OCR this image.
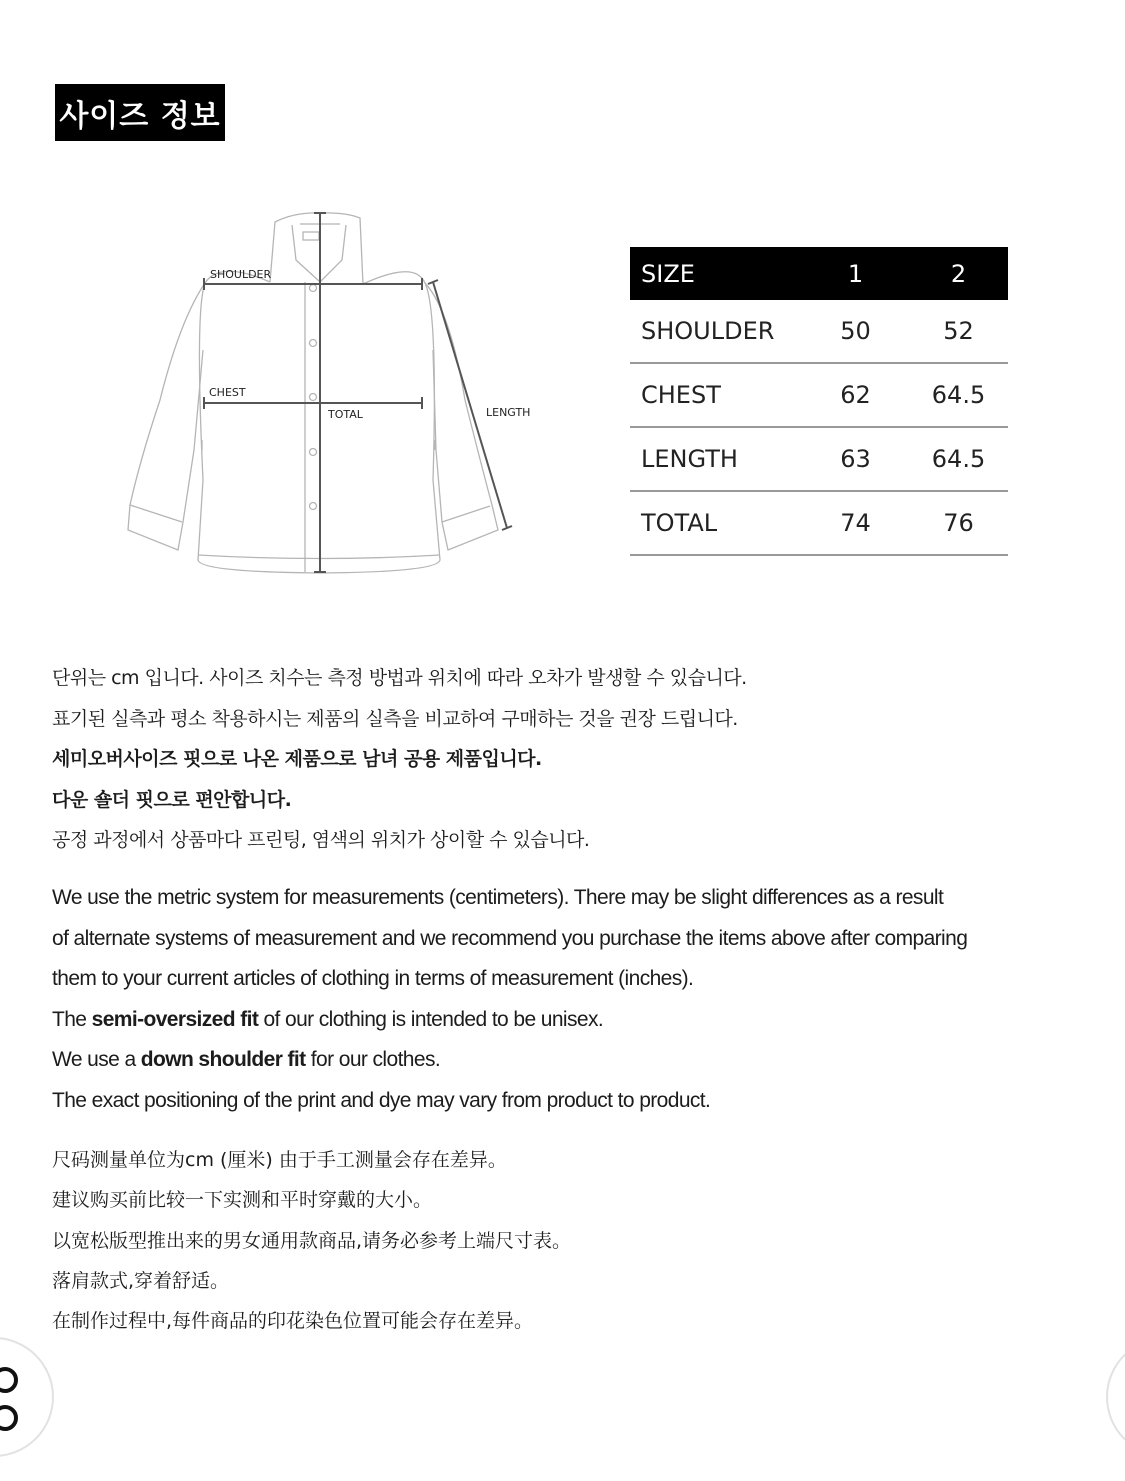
사이즈 정보
SHOULDER
CHEST
TOTAL	LENGTH
SIZE	1	2
SHOULDER	50	52
CHEST	62	64.5
LENGTH	63	64.5
TOTAL	74	76
단위는 cm 입니다. 사이즈 치수는 측정 방법과 위치에 따라 오차가 발생할 수 있습니다.
표기된 실측과 평소 착용하시는 제품의 실측을 비교하여 구매하는 것을 권장 드립니다.
세미오버사이즈 핏으로 나온 제품으로 남녀 공용 제품입니다.
다운 숄더 핏으로 편안합니다.
공정 과정에서 상품마다 프린팅, 염색의 위치가 상이할 수 있습니다.
We use the metric system for measurements (centimeters). There may be slight differences as a result
of alternate systems of measurement and we recommend you purchase the items above after comparing
them to your current articles of clothing in terms of measurement (inches).
The semi-oversized fit of our clothing is intended to be unisex.
We use a down shoulder fit for our clothes.
The exact positioning of the print and dye may vary from product to product.
尺码测量单位为cm (厘米) 由于手工测量会存在差异。
建议购买前比较一下实测和平时穿戴的大小。
以宽松版型推出来的男女通用款商品,请务必参考上端尺寸表。
落肩款式,穿着舒适。
在制作过程中,每件商品的印花染色位置可能会存在差异。
